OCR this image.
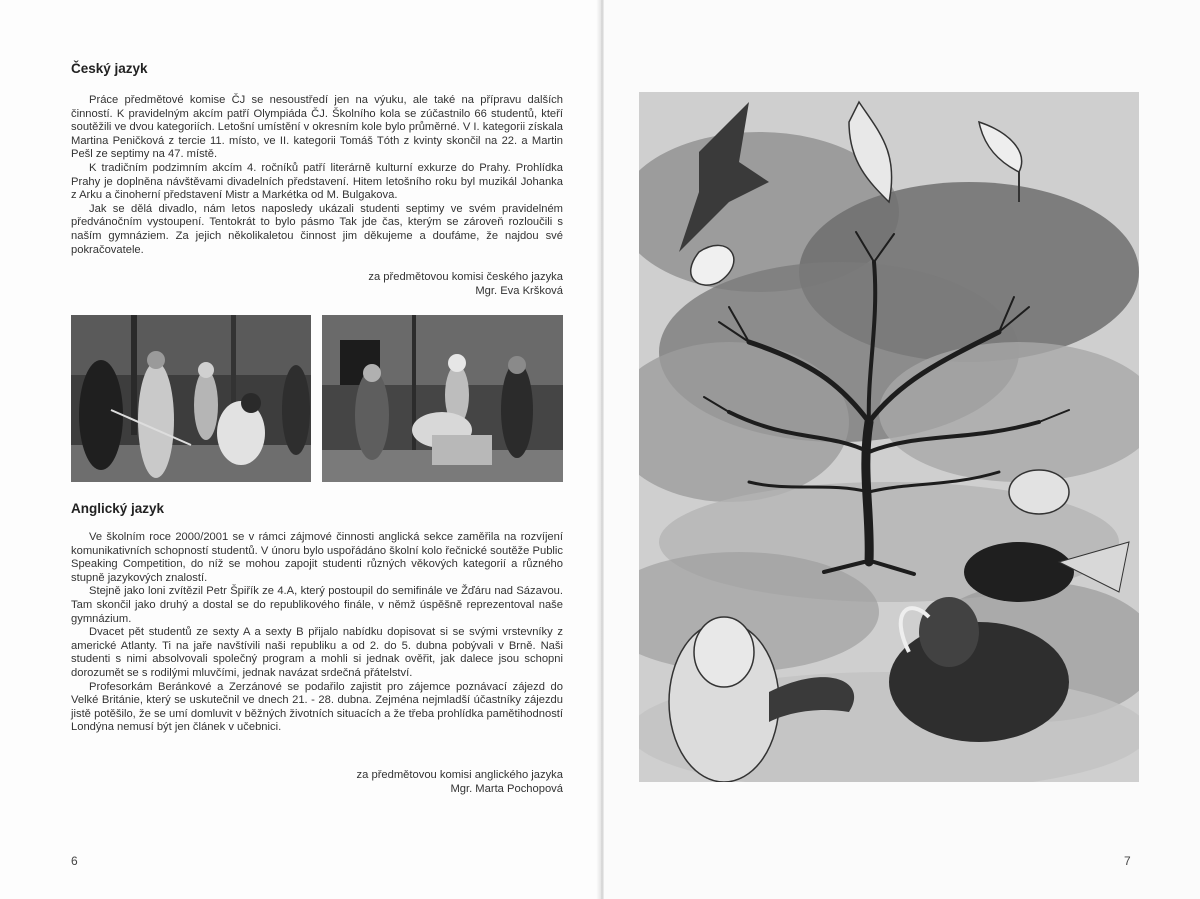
Český jazyk

Práce předmětové komise ČJ se nesoustředí jen na výuku, ale také na přípravu dalších činností. K pravidelným akcím patří Olympiáda ČJ. Školního kola se zúčastnilo 66 studentů, kteří soutěžili ve dvou kategoriích. Letošní umístění v okresním kole bylo průměrné. V I. kategorii získala Martina Peničková z tercie 11. místo, ve II. kategorii Tomáš Tóth z kvinty skončil na 22. a Martin Pešl ze septimy na 47. místě.

K tradičním podzimním akcím 4. ročníků patří literárně kulturní exkurze do Prahy. Prohlídka Prahy je doplněna návštěvami divadelních představení. Hitem letošního roku byl muzikál Johanka z Arku a činoherní představení Mistr a Markétka od M. Bulgakova.

Jak se dělá divadlo, nám letos naposledy ukázali studenti septimy ve svém pravidelném předvánočním vystoupení. Tentokrát to bylo pásmo Tak jde čas, kterým se zároveň rozloučili s naším gymnáziem. Za jejich několikaletou činnost jim děkujeme a doufáme, že najdou své pokračovatele.

za předmětovou komisi českého jazyka
Mgr. Eva Kršková
Anglický jazyk

Ve školním roce 2000/2001 se v rámci zájmové činnosti anglická sekce zaměřila na rozvíjení komunikativních schopností studentů. V únoru bylo uspořádáno školní kolo řečnické soutěže Public Speaking Competition, do níž se mohou zapojit studenti různých věkových kategorií a různého stupně jazykových znalostí.

Stejně jako loni zvítězil Petr Špiřík ze 4.A, který postoupil do semifinále ve Žďáru nad Sázavou. Tam skončil jako druhý a dostal se do republikového finále, v němž úspěšně reprezentoval naše gymnázium.

Dvacet pět studentů ze sexty A a sexty B přijalo nabídku dopisovat si se svými vrstevníky z americké Atlanty. Ti na jaře navštívili naši republiku a od 2. do 5. dubna pobývali v Brně. Naši studenti s nimi absolvovali společný program a mohli si jednak ověřit, jak dalece jsou schopni dorozumět se s rodilými mluvčími, jednak navázat srdečná přátelství.

Profesorkám Beránkové a Zerzánové se podařilo zajistit pro zájemce poznávací zájezd do Velké Británie, který se uskutečnil ve dnech 21. - 28. dubna. Zejména nejmladší účastníky zájezdu jistě potěšilo, že se umí domluvit v běžných životních situacích a že třeba prohlídka pamětihodností Londýna nemusí být jen článek v učebnici.

za předmětovou komisi anglického jazyka
Mgr. Marta Pochopová
6	7
